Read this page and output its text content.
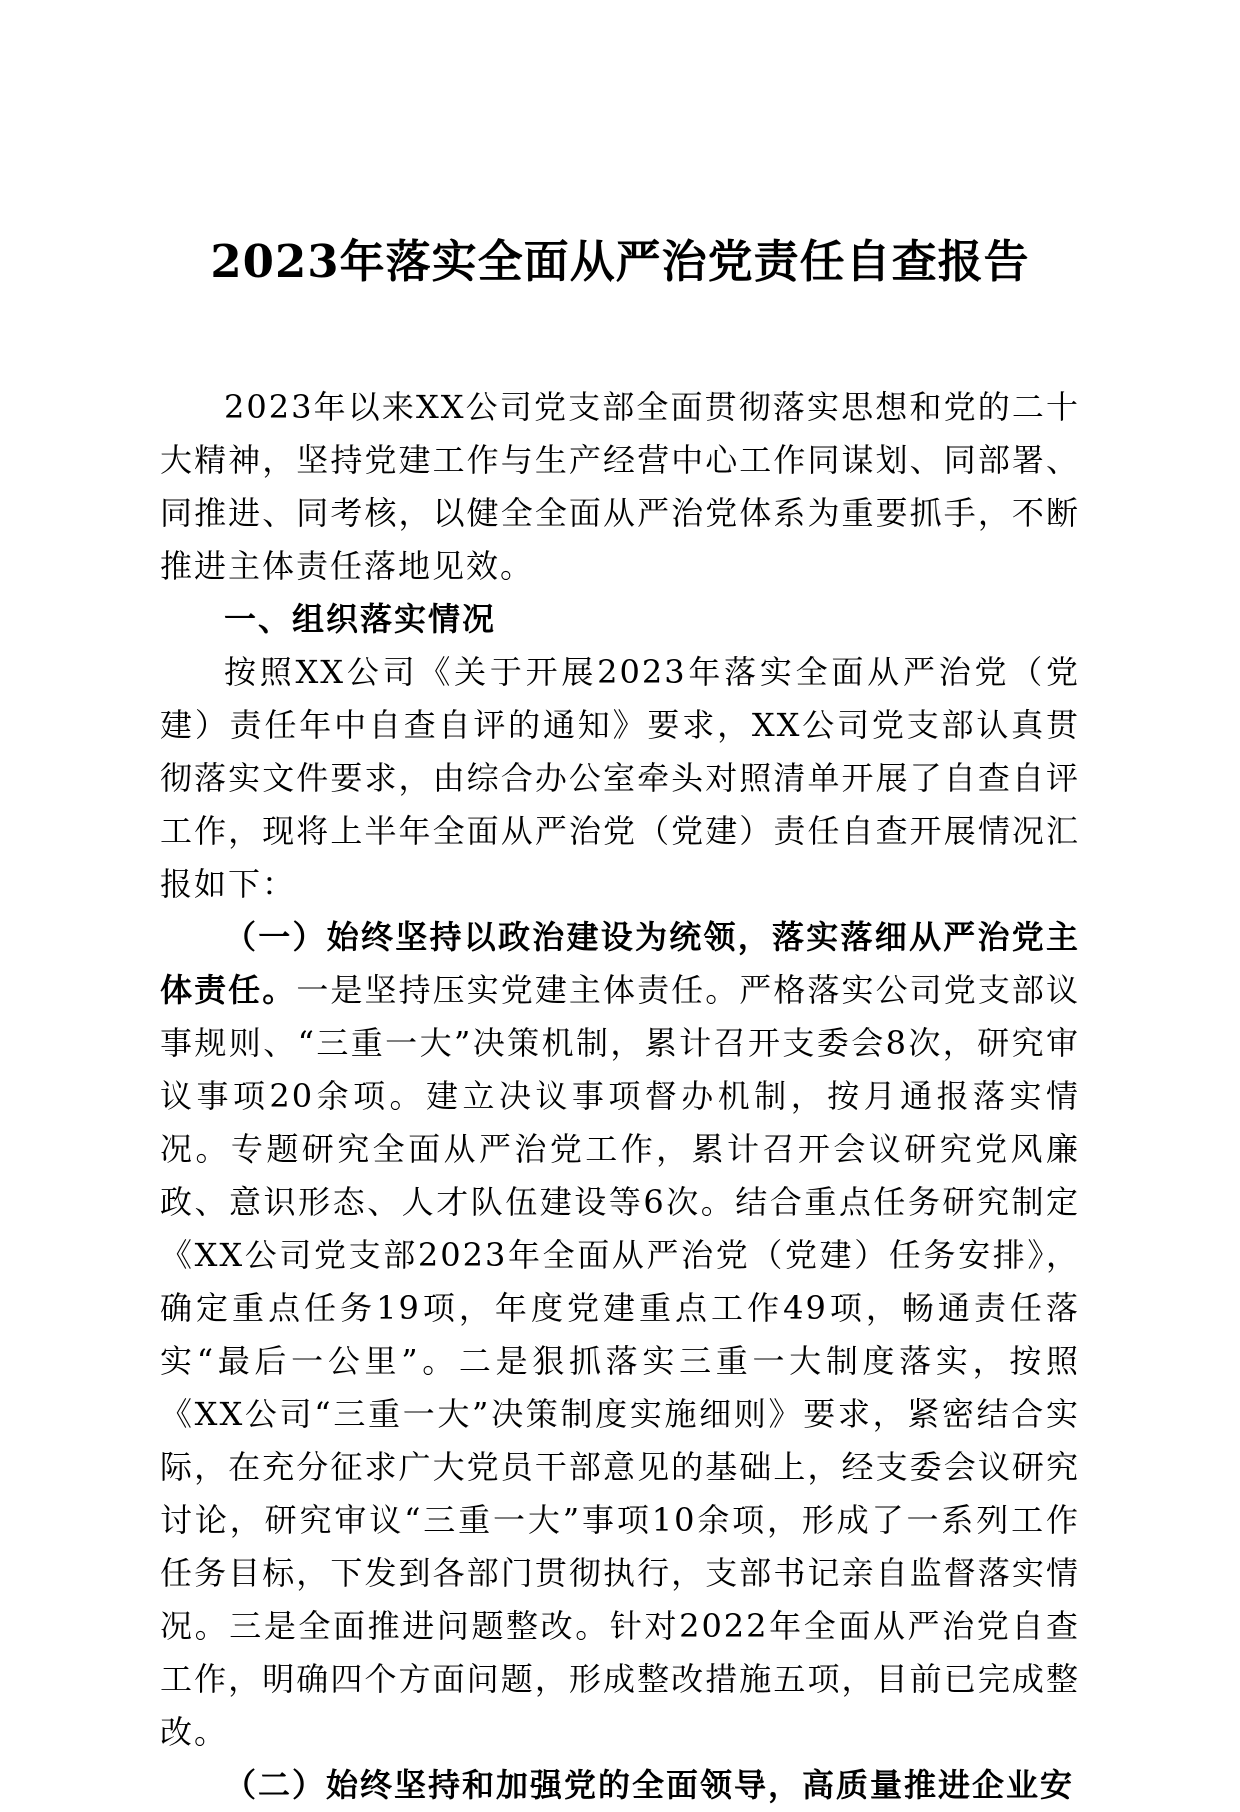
2023年落实全面从严治党责任自查报告

2023年以来XX公司党支部全面贯彻落实思想和党的二十大精神，坚持党建工作与生产经营中心工作同谋划、同部署、同推进、同考核，以健全全面从严治党体系为重要抓手，不断推进主体责任落地见效。

一、组织落实情况

按照XX公司《关于开展2023年落实全面从严治党（党建）责任年中自查自评的通知》要求，XX公司党支部认真贯彻落实文件要求，由综合办公室牵头对照清单开展了自查自评工作，现将上半年全面从严治党（党建）责任自查开展情况汇报如下：

（一）始终坚持以政治建设为统领，落实落细从严治党主体责任。一是坚持压实党建主体责任。严格落实公司党支部议事规则、“三重一大”决策机制，累计召开支委会8次，研究审议事项20余项。建立决议事项督办机制，按月通报落实情况。专题研究全面从严治党工作，累计召开会议研究党风廉政、意识形态、人才队伍建设等6次。结合重点任务研究制定《XX公司党支部2023年全面从严治党（党建）任务安排》，确定重点任务19项，年度党建重点工作49项，畅通责任落实“最后一公里”。二是狠抓落实三重一大制度落实，按照《XX公司“三重一大”决策制度实施细则》要求，紧密结合实际，在充分征求广大党员干部意见的基础上，经支委会议研究讨论，研究审议“三重一大”事项10余项，形成了一系列工作任务目标，下发到各部门贯彻执行，支部书记亲自监督落实情况。三是全面推进问题整改。针对2022年全面从严治党自查工作，明确四个方面问题，形成整改措施五项，目前已完成整改。

（二）始终坚持和加强党的全面领导，高质量推进企业安
